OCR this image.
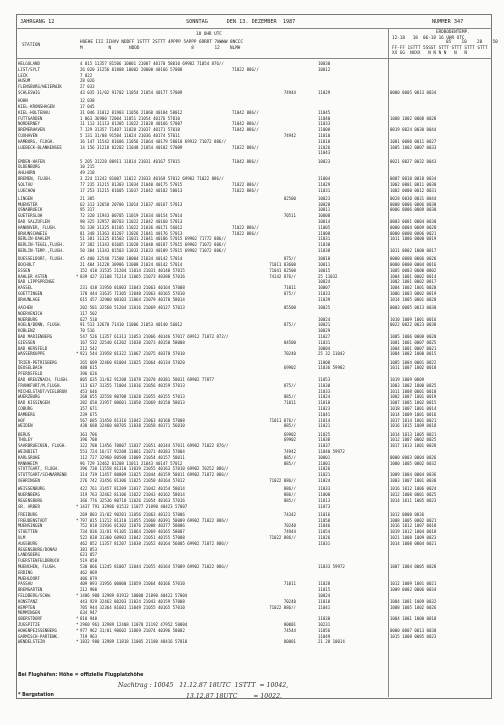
JAHRGANG 12	SONNTAG      DEN 13. DEZEMBER  1987	NUMMER 347
18 UHR UTC
HOEHE III IIHVV NDDFF 1STTT 2STTT 4PPPP 5APPP 6RRRT 7WWWW 8NCCC
M          N       NDDD                    8        12    NLMH
STATION
ERDBODENTEMP.
12-18   18  06-18 16 UHR UTC
05    10    20    50
FF-FF 1STTT 5SSST STTT STTT STTT STTT
XX GG  NXXX   N N N N   N   N
HELGOLAND	4 015 11357 81506 10001 21007 40170 58010 69902 71054 876//	10030
LIST/SYLT	26 020 31256 81808 10002 20000 40166 57008	71022 886//	10012
LECK	7 022
HUSUM	28 026
FLENSBURG/WEIERWIK	27 033
SCHLESWIG	43 035 31/02 91702 11054 21054 40177 57009	74944	11029	0000 0005 0013 0034
HOHN	12 038
KIEL-KRONSHAGEN	17 045
KIEL-HOLTENAU	31 046 31012 81903 11056 21060 40184 58012	71042 886//	11045
FUTTGARDEN	1 063 36900 72004 11051 21054 40176 57010	11040	1008 1002 0008 0028
NORDERNEY	11 113 31113 81305 11022 21028 40166 57007	71042 886//	11033
BREMERHAVEN	7 129 31357 71407 11028 21037 40171 57010	71042 886//	11008	0019 0024 0030 0044
CUXHAVEN	5 131 31/08 91504 11024 21036 40174 57011	74942	11010
HAMBURG, FLUGH.	16 147 11542 81606 11056 21064 40179 58010 69932 71072 886//	11010	1001 0000 0011 0027
LUEBECK-BLANKENSEE	14 156 31218 82202 11048 21054 40182 57009	71022 886//	11026	1005 1002 0007 0033
11043
EMDEN-HAFEN	5 205 31228 80911 11014 21031 40167 57015	71042 886//	10023	0021 0027 0032 0043
OLDENBURG	10 215
AHLHORN	49 218
BREMEN, FLUGH.	3 224 11242 81007 11022 21033 40169 57012 69902 71022 886//	11004	0007 0010 0018 0034
SOLTAU	77 235 31215 81303 11034 21040 40175 57015	71022 886//	11029	1002 0001 0011 0030
LUECHOW	17 253 31215 81605 11037 21042 40182 58013	71022 886//	11031	1002 0000 0012 0031
LINGEN	21 305	82500	10023	0028 0030 0031 0044
MUENSTER	62 313 32658 20706 11014 21037 40167 57013	10020	0008 0006 0006 0038
OSNABRUECK	95 317	10011	0006 0006 0009 0030
GUETERSLOH	72 320 31943 00705 11019 21034 40154 57014	70511	10008
BAD SALZUFLEN	98 325 32957 00703 11022 21042 40160 57013	10014	0003 0001 0004 0030
HANNOVER, FLUGH.	56 338 31325 81105 11022 21036 40171 56012	71022 886//	11005	0000 0004 0009 0028
BRAUNSCHWEIG	81 348 31363 81207 11026 21041 40176 57013	71022 886//	11008	0000 0000 0006 0021
BERLIN-DAHLEM	51 381 11325 81503 11031 21041 40186 57015 69902 71772 886//	11031	1011 1006 0000 0019
BERLIN-TEGEL,FLUGH.	37 382 11343 81605 11028 21040 40187 57015 69902 71072 886//	11030
BERLIN-TEMP.,FLUGH.	50 384 11343 81503 11033 21033 40189 57015 69902 71072 886//	11038	1011 0002 1000 0017
DUESSELDORF, FLUGH.	45 400 32540 71508 10004 21034 40142 57014	875//	10018	0000 0000 0006 0026
BOCHOLT	21 404 31228 30906 11008 21024 40142 57014	71011 83600	10011	0000 0000 0004 0016
ESSEN	152 410 31535 21204 11014 21031 40140 57015	71041 82500	10015	1005 0003 0000 0002
KAHLER ASTEN	* 839 427 31108 71214 11065 21073 40388 57016	74142 876//	25 11032	1004 1001 0002 0014
BAD LIPPSPRINGE	10024	1002 1001 0002 0017
KASSEL	231 438 31950 01003 11043 21063 40164 57008	71011	10007	1004 1002 1001 0020
GOETTINGEN	170 444 31635 71305 11040 21063 40165 57010	875//	11033	1006 1003 0002 0019
BRAUNLAGE	615 457 32900 00103 11064 21079 40170 58014	11039	1014 1005 0001 0020
AACHEN	202 501 32560 51204 11016 21069 40127 57013	85500	10025	0003 0005 0013 0030
NOERVENICH	117 502
NUERBURG	627 510	10024	1010 1009 1001 0016
KOELN/BONN, FLUGH.	91 513 32670 71410 11006 21053 40140 56012	875//	10021	0022 0022 0023 0038
KOBLENZ	70 516	10029
BAD MARIENBERG	547 526 11357 61313 11053 21066 40146 57017 69912 71072 872//	11027	1005 1006 0000 0020
GIESSEN	167 532 32540 61202 11038 21073 40150 58008	84500	11031	1001 1001 0007 0025
BAD HERSFELD	212 542	10004	1004 1001 0007 0021
WASSERKUPPE	* 921 544 31958 01322 11067 21075 40378 57010	70240	25 32 11042	1004 1002 1000 0015
TRIER-PETRISBERG	265 609 32460 81004 11025 21064 40134 57020	11008	1005 1004 0001 0022
DEUSELBACH	480 615	69902	11036 59982	1011 1007 1002 0018
PFERDSFELD	396 626
BAD KREUZNACH, FLUGH.	805 635 31/02 91208 11078 21078 40381 58011 69902 77877	11053	1019 1009 0009
FRANKFURT/M,FLUGH.	113 637 31355 71004 11016 21056 40159 57013	875//	11030	1003 1002 1000 0025
MICHELSTADT/VIELBRUN	453 646	11033	1011 1008 0001 0018
WUERZBURG	268 655 32558 80708 11028 21055 40155 57013	885//	11024	1002 1007 1001 0019
BAD KISSINGEN	282 658 31957 00601 11050 21069 40158 58013	71011	11018	1007 1005 1002 0015
COBURG	357 671	11023	1018 1007 1001 0014
BAMBERG	239 675	11041	1014 1009 1001 0016
HOF	567 685 31450 81316 11042 21063 40168 57008	71011 876//	11014	1017 1014 1001 0021
WEIDEN	438 688 32460 80705 11038 21058 40171 56010	885//	11021	1016 1015 1009 0018
BERUS	363 706	69902	11025	1014 1013 1005 0021
THOLEY	396 708	69902	11030	1012 1007 0002 0025
SAARBRUECKEN, FLUGH.	322 708 11456 70807 11037 21051 40144 57011 69902 71022 876//	11037	1017 1013 1001 0028
WEINBIET	553 724 16/17 92208 11061 21071 40383 57004	74942	11040 59972
KARLSRUHE	112 727 32960 80508 11009 21054 40157 58011	885//	10001	0000 0003 0004 0026
MANNHEIM	96 729 32462 81208 11011 21043 40147 57012	885//	11001	1000 1005 0002 0032
STUTTGART, FLUGH.	396 738 11558 81310 11039 21055 40163 57010 69902 70252 886//	11026
STUTTGART/SCHNARRENB	314 739 11457 80809 11025 21044 40159 58011 69902 71072 886//	11021	1009 1004 0004 0036
OEHRINGEN	276 742 31456 81306 11025 21050 40164 57012	71022 886//	11024	1003 1007 1001 0030
WEISSENBURG	422 761 31457 81209 11037 21042 40154 58014	886//	11033	1016 1012 1006 0024
NUERNBERG	319 763 32462 81106 11022 21043 40162 58014	886//	11008	1012 1008 0001 0025
REGENSBURG	366 776 32536 80710 11026 21054 40163 57016	885//	11013	1014 1011 1005 0023
GR. ARBER	* 1437 791 32986 01512 11077 21090 40423 57007	11073
FREIBURG	269 803 31/02 90201 11056 21063 40121 57006	74342	11016	1012 0000 0036
FREUDENSTADT	* 797 815 11212 81310 11055 21060 40391 58009 69902 71022 886//	11050	1008 1005 0002 0021
MUENSINGEN	752 818 31936 01302 11076 21088 40377 58006	70240	11046	1016 1012 1007 0018
STOETTEN	734 836 31/01 91105 11064 21069 40165 58007	74944	11054	1019 1012 1004 0018
ULM	522 838 31360 60903 11042 21051 40155 57008	71022 886//	11026	1021 1008 1009 0023
AUGSBURG	462 852 11357 81207 11038 21052 40164 56005 69902 71072 886//	11031	1014 1008 0004 0021
REGENSBURG/DONAU	381 853
LANDSBERG	623 857
FUERSTENFELDBRUCK	519 858
MUENCHEN, FLUGH.	530 866 11245 81007 11044 21055 40164 57009 69902 71022 886//	11033 59972	1007 1004 0005 0028
ERDING	462 869
MUEHLDORF	406 879
PASSAU	409 893 31956 00000 11059 21064 40166 57010	71011	11028	1012 1009 1001 0021
BREMGARTEN	212 900	11015	1009 0002 0006 0034
FELDBERG/SCHW.	* 1486 908 32989 01912 10000 21090 40422 57004	10024
KONSTANZ	443 929 32462 80203 11024 21043 40159 57008	70240	11010	1004 1001 1009 0032
KEMPTEN	705 944 32364 81601 11049 21055 40165 57010	71022 886//	11041	1008 1005 1002 0026
MEMMINGEN	634 947
OBERSTDORF	* 810 948	11030	1004 1001 1000 0018
ZUGSPITZE	* 2960 961 32989 12408 11070 21192 47952 58004	80001	10231
HOHENPEISSENBERG	* 977 962 31/01 90602 11069 21074 40396 58002	74544	11056	0000 0007 0013 0030
GARMISCH-PARTENK.	719 963	11049	1015 1008 0005 0023
WENDELSTEIN	* 1832 980 32989 11818 11005 21180 48416 57010	80001	21 28 10014

Bei Flughäfen: Höhe = offizielle Flugplatzhöhe

* Bergstation

Nachtrag : 10045   11.12.87 18UTC  1STTT  = 10042,
13.12.87 18UTC        = 10022.
